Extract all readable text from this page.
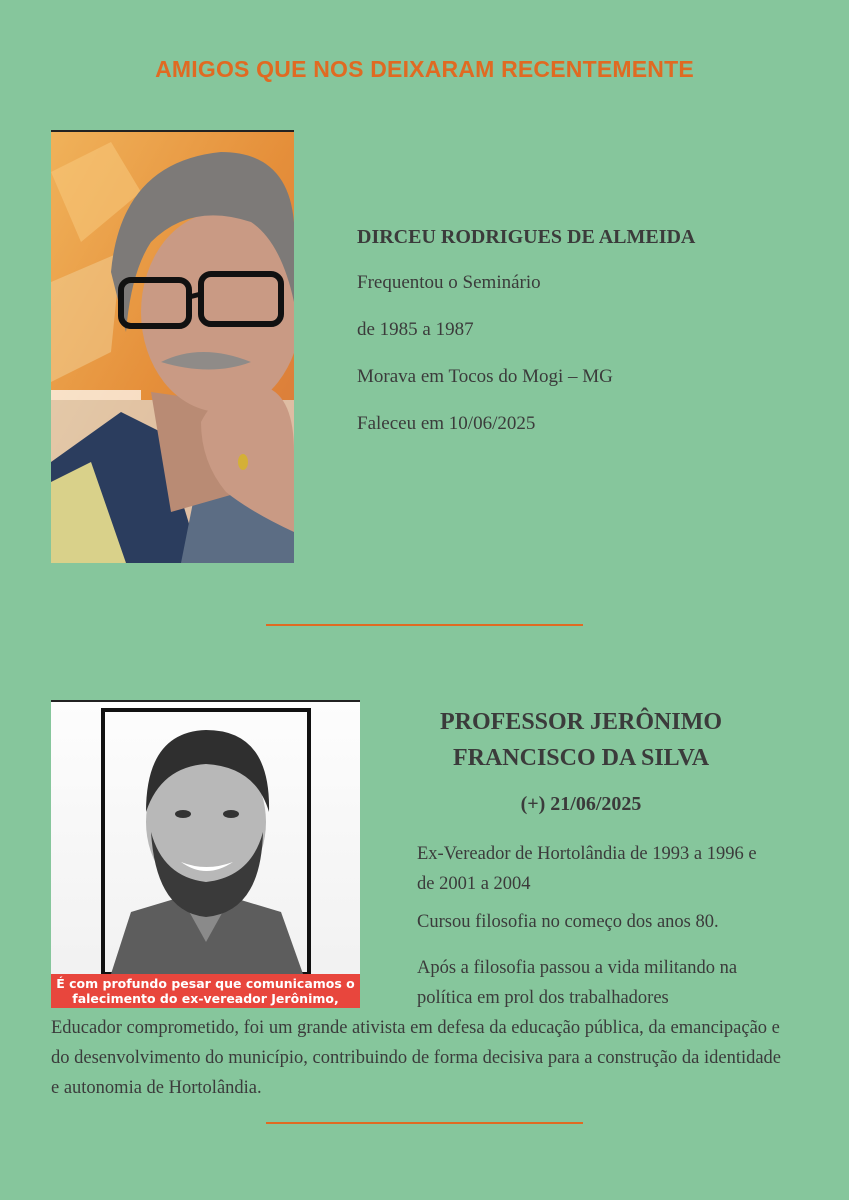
AMIGOS QUE NOS DEIXARAM RECENTEMENTE
DIRCEU RODRIGUES DE ALMEIDA
Frequentou o Seminário
de 1985 a 1987
Morava em Tocos do Mogi – MG
Faleceu em 10/06/2025
É com profundo pesar que comunicamos o falecimento do ex-vereador Jerônimo,
PROFESSOR JERÔNIMO FRANCISCO DA SILVA
(+) 21/06/2025
Ex-Vereador de Hortolândia de 1993 a 1996 e de 2001 a 2004
Cursou filosofia no começo dos anos 80.
Após a filosofia passou a vida militando na política em prol dos trabalhadores
Educador comprometido, foi um grande ativista em defesa da educação pública, da emancipação e do desenvolvimento do município, contribuindo de forma decisiva para a construção da identidade e autonomia de Hortolândia.
